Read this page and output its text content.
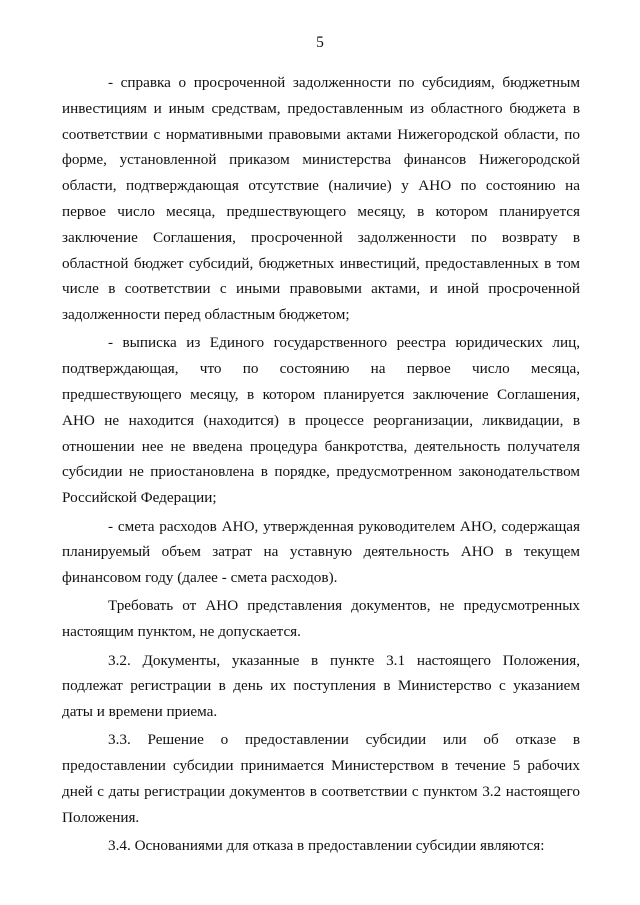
5

- справка о просроченной задолженности по субсидиям, бюджетным инвестициям и иным средствам, предоставленным из областного бюджета в соответствии с нормативными правовыми актами Нижегородской области, по форме, установленной приказом министерства финансов Нижегородской области, подтверждающая отсутствие (наличие) у АНО по состоянию на первое число месяца, предшествующего месяцу, в котором планируется заключение Соглашения, просроченной задолженности по возврату в областной бюджет субсидий, бюджетных инвестиций, предоставленных в том числе в соответствии с иными правовыми актами, и иной просроченной задолженности перед областным бюджетом;

- выписка из Единого государственного реестра юридических лиц, подтверждающая, что по состоянию на первое число месяца, предшествующего месяцу, в котором планируется заключение Соглашения, АНО не находится (находится) в процессе реорганизации, ликвидации, в отношении нее не введена процедура банкротства, деятельность получателя субсидии не приостановлена в порядке, предусмотренном законодательством Российской Федерации;

- смета расходов АНО, утвержденная руководителем АНО, содержащая планируемый объем затрат на уставную деятельность АНО в текущем финансовом году (далее - смета расходов).

Требовать от АНО представления документов, не предусмотренных настоящим пунктом, не допускается.

3.2. Документы, указанные в пункте 3.1 настоящего Положения, подлежат регистрации в день их поступления в Министерство с указанием даты и времени приема.

3.3. Решение о предоставлении субсидии или об отказе в предоставлении субсидии принимается Министерством в течение 5 рабочих дней с даты регистрации документов в соответствии с пунктом 3.2 настоящего Положения.

3.4. Основаниями для отказа в предоставлении субсидии являются:
